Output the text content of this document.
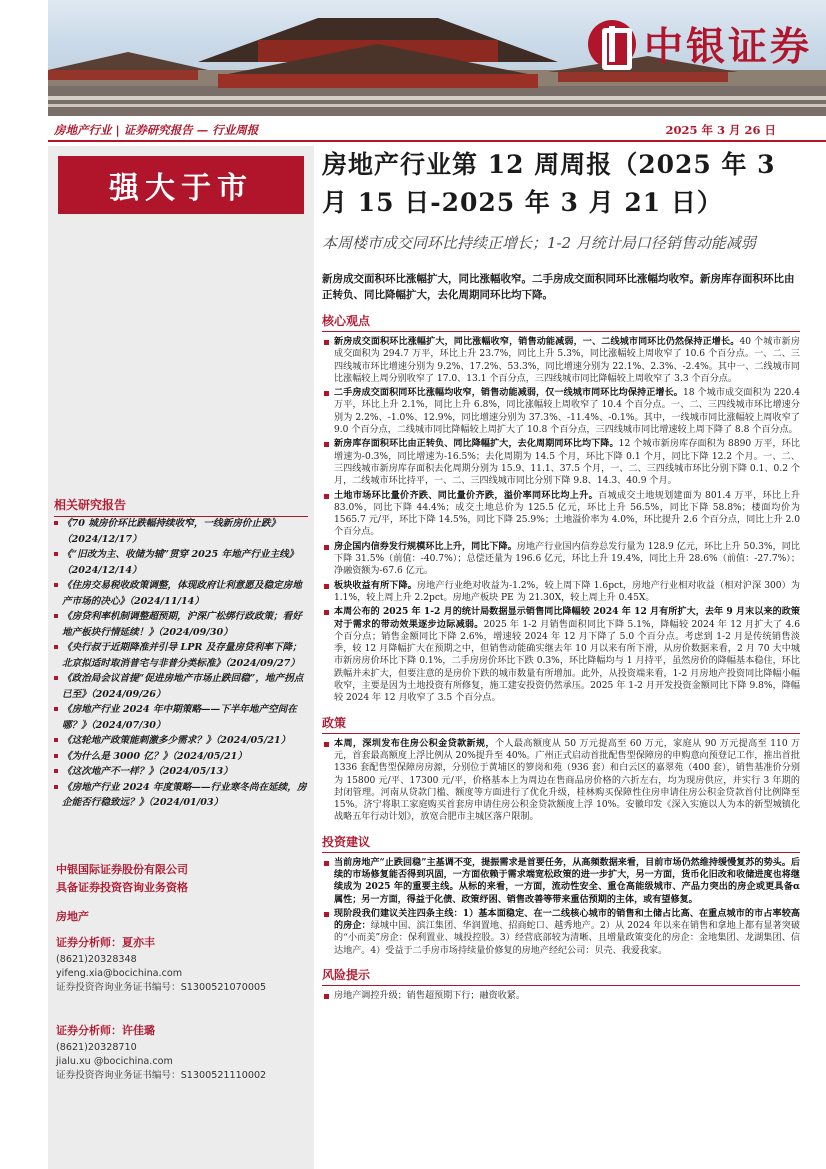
中银证券
房地产行业 | 证券研究报告 — 行业周报	2025 年 3 月 26 日
强大于市
相关研究报告
《70 城房价环比跌幅持续收窄，一线新房价止跌》（2024/12/17）
《“旧改为主、收储为辅”贯穿 2025 年地产行业主线》（2024/12/14）
《住房交易税收政策调整，体现政府让利意愿及稳定房地产市场的决心》（2024/11/14）
《房贷利率机制调整超预期，沪深广松绑行政政策；看好地产板块行情延续！》（2024/09/30）
《央行叔于近期降准并引导 LPR 及存量房贷利率下降；北京拟适时取消普宅与非普分类标准》（2024/09/27）
《政治局会议首提“促进房地产市场止跌回稳”，地产拐点已至》（2024/09/26）
《房地产行业 2024 年中期策略——下半年地产空间在哪？》（2024/07/30）
《这轮地产政策能刺激多少需求？》（2024/05/21）
《为什么是 3000 亿？》（2024/05/21）
《这次地产不一样？》（2024/05/13）
《房地产行业 2024 年度策略——行业寒冬尚在延续，房企能否行稳致远？》（2024/01/03）
中银国际证券股份有限公司
具备证券投资咨询业务资格
房地产
证券分析师：夏亦丰
(8621)20328348
yifeng.xia@bocichina.com
证券投资咨询业务证书编号：S1300521070005
证券分析师：许佳璐
(8621)20328710
jialu.xu @bocichina.com
证券投资咨询业务证书编号：S1300521110002
房地产行业第 12 周周报（2025 年 3 月 15 日-2025 年 3 月 21 日）
本周楼市成交同环比持续正增长；1-2 月统计局口径销售动能减弱
新房成交面积环比涨幅扩大，同比涨幅收窄。二手房成交面积同环比涨幅均收窄。新房库存面积环比由正转负、同比降幅扩大，去化周期同环比均下降。
核心观点
新房成交面积环比涨幅扩大，同比涨幅收窄，销售动能减弱，一、二线城市同环比仍然保持正增长。40 个城市新房成交面积为 294.7 万平，环比上升 23.7%，同比上升 5.3%，同比涨幅较上周收窄了 10.6 个百分点。一、二、三四线城市环比增速分别为 9.2%、17.2%、53.3%，同比增速分别为 22.1%、2.3%、-2.4%。其中一、二线城市同比涨幅较上周分别收窄了 17.0、13.1 个百分点，三四线城市同比降幅较上周收窄了 3.3 个百分点。
二手房成交面积同环比涨幅均收窄，销售动能减弱，仅一线城市同环比均保持正增长。18 个城市成交面积为 220.4 万平，环比上升 2.1%，同比上升 6.8%，同比涨幅较上周收窄了 10.4 个百分点。一、二、三四线城市环比增速分别为 2.2%、-1.0%、12.9%，同比增速分别为 37.3%、-11.4%、-0.1%。其中，一线城市同比涨幅较上周收窄了 9.0 个百分点，二线城市同比降幅较上周扩大了 10.8 个百分点，三四线城市同比增速较上周下降了 8.8 个百分点。
新房库存面积环比由正转负、同比降幅扩大，去化周期同环比均下降。12 个城市新房库存面积为 8890 万平，环比增速为-0.3%，同比增速为-16.5%；去化周期为 14.5 个月，环比下降 0.1 个月，同比下降 12.2 个月。一、二、三四线城市新房库存面积去化周期分别为 15.9、11.1、37.5 个月，一、二、三四线城市环比分别下降 0.1、0.2 个月，二线城市环比持平，一、二、三四线城市同比分别下降 9.8、14.3、40.9 个月。
土地市场环比量价齐跌、同比量价齐跌，溢价率同环比均上升。百城成交土地规划建面为 801.4 万平，环比上升 83.0%，同比下降 44.4%；成交土地总价为 125.5 亿元，环比上升 56.5%，同比下降 58.8%；楼面均价为 1565.7 元/平，环比下降 14.5%，同比下降 25.9%；土地溢价率为 4.0%，环比提升 2.6 个百分点，同比上升 2.0 个百分点。
房企国内信券发行规模环比上升，同比下降。房地产行业国内信券总发行量为 128.9 亿元，环比上升 50.3%，同比下降 31.5%（前值：-40.7%）；总偿还量为 196.6 亿元，环比上升 19.4%，同比上升 28.6%（前值：-27.7%）；净融资额为-67.6 亿元。
板块收益有所下降。房地产行业绝对收益为-1.2%，较上周下降 1.6pct，房地产行业相对收益（相对沪深 300）为 1.1%，较上周上升 2.2pct。房地产板块 PE 为 21.30X，较上周上升 0.45X。
本周公布的 2025 年 1-2 月的统计局数据显示销售同比降幅较 2024 年 12 月有所扩大，去年 9 月末以来的政策对于需求的带动效果逐步边际减弱。2025 年 1-2 月销售面积同比下降 5.1%，降幅较 2024 年 12 月扩大了 4.6 个百分点；销售金额同比下降 2.6%，增速较 2024 年 12 月下降了 5.0 个百分点。考虑到 1-2 月是传统销售淡季，较 12 月降幅扩大在预期之中，但销售动能确实继去年 10 月以来有所下滑，从房价数据来看，2 月 70 大中城市新房房价环比下降 0.1%，二手房房价环比下跌 0.3%，环比降幅均与 1 月持平，虽然房价的降幅基本稳住，环比跌幅并未扩大，但要注意的是房价下跌的城市数量有所增加。此外，从投资端来看，1-2 月房地产投资同比降幅小幅收窄，主要是因为土地投资有所修复，施工建安投资仍然承压。2025 年 1-2 月开发投资金额同比下降 9.8%，降幅较 2024 年 12 月收窄了 3.5 个百分点。
政策
本周，深圳发布住房公积金贷款新规，个人最高额度从 50 万元提高至 60 万元，家庭从 90 万元提高至 110 万元，首套最高额度上浮比例从 20%提升至 40%。广州正式启动首批配售型保障房的申购意向预登记工作，推出首批 1336 套配售型保障房房源，分别位于黄埔区的箩岗和苑（936 套）和白云区的嘉翠苑（400 套），销售基准价分别为 15800 元/平、17300 元/平，价格基本上为周边在售商品房价格的六折左右，均为现房供应，并实行 3 年期的封闭管理。河南从贷款门槛、额度等方面进行了优化升级，桂林购买保障性住房申请住房公积金贷款首付比例降至 15%。济宁将职工家庭购买首套房申请住房公积金贷款额度上浮 10%。安徽印发《深入实施以人为本的新型城镇化战略五年行动计划》，放宽合肥市主城区落户限制。
投资建议
当前房地产“止跌回稳”主基调不变，提振需求是首要任务，从高频数据来看，目前市场仍然维持缓慢复苏的势头。后续的市场修复能否得到巩固，一方面依赖于需求端宽松政策的进一步扩大，另一方面，货币化旧改和收储进度也将继续成为 2025 年的重要主线。从标的来看，一方面，流动性安全、重仓高能级城市、产品力突出的房企或更具备α属性；另一方面，得益于化债、政策纾困、销售改善等带来重估预期的主体，或有望修复。
现阶段我们建议关注四条主线：1）基本面稳定、在一二线核心城市的销售和土储占比高、在重点城市的市占率较高的房企：绿城中国、滨江集团、华润置地、招商蛇口、越秀地产。2）从 2024 年以来在销售和拿地上都有显著突破的“小而美”房企：保利置业、城投控股。3）经营底部较为清晰、且增量政策变化的房企：金地集团、龙湖集团、信达地产。4）受益于二手房市场持续量价修复的房地产经纪公司：贝壳、我爱我家。
风险提示
房地产调控升级；销售超预期下行；融资收紧。
